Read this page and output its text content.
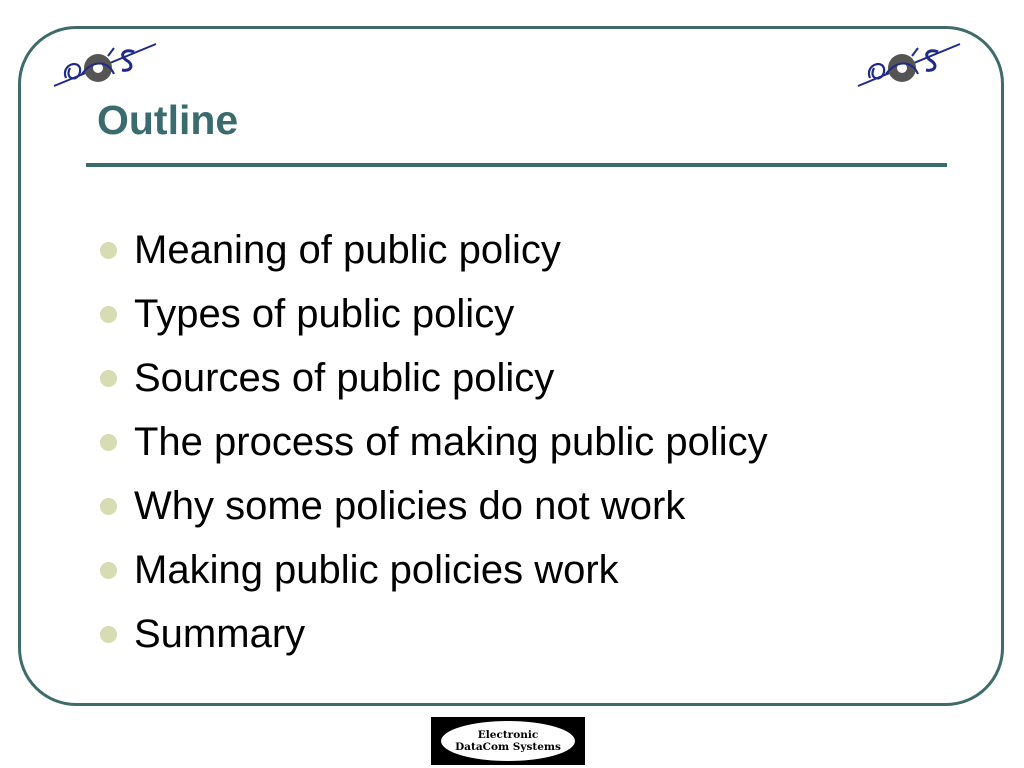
Outline
Meaning of public policy
Types of public policy
Sources of public policy
The process of making public policy
Why some policies do not work
Making public policies work
Summary
Electronic
DataCom Systems
